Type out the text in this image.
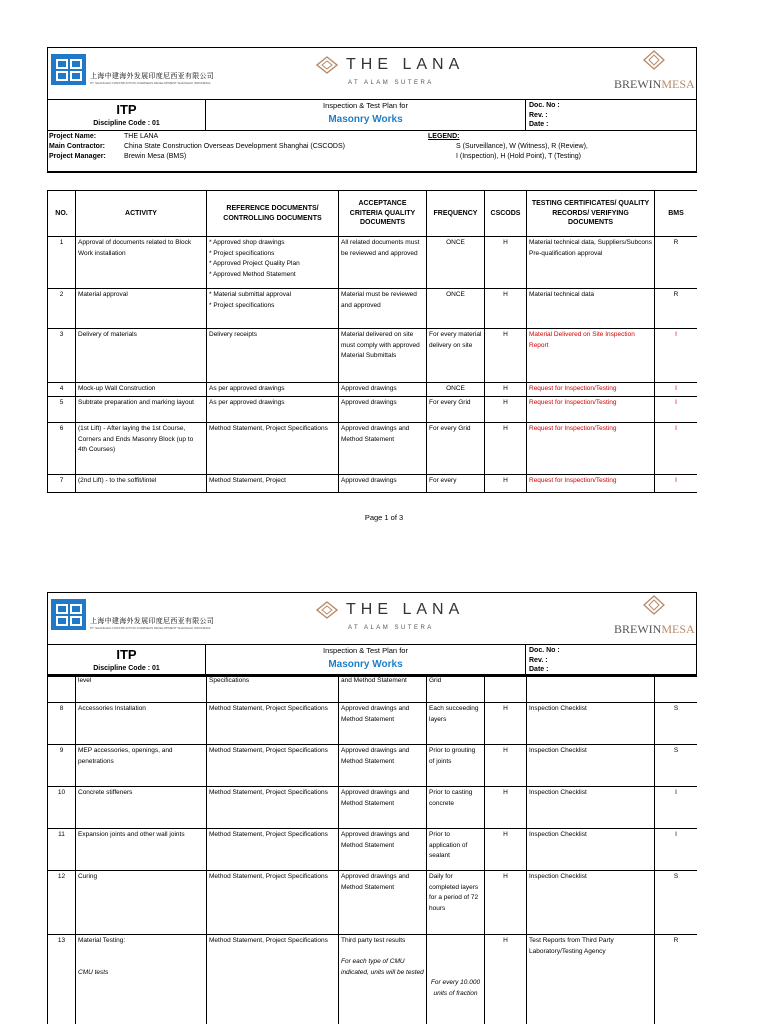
上海中建海外发展印度尼西亚有限公司
PT. SHANGHAI CONSTRUCTION OVERSEAS DEVELOPMENT SHANGHAI INDONESIA
THE LANA
AT ALAM SUTERA	BREWINMESA
ITP
Discipline Code : 01
Inspection & Test Plan for
Masonry Works
Doc. No :
Rev. :
Date :
Project Name:	THE LANA
Main Contractor:	China State Construction Overseas Development Shanghai (CSCODS)
Project Manager:	Brewin Mesa (BMS)
LEGEND:
S (Surveillance), W (Witness), R (Review),
I (Inspection), H (Hold Point), T (Testing)
NO.	ACTIVITY	REFERENCE DOCUMENTS/ CONTROLLING DOCUMENTS	ACCEPTANCE CRITERIA QUALITY DOCUMENTS	FREQUENCY	CSCODS	TESTING CERTIFICATES/ QUALITY RECORDS/ VERIFYING DOCUMENTS	BMS
1	Approval of documents related to Block Work installation	* Approved shop drawings
* Project specifications
* Approved Project Quality Plan
* Approved Method Statement	All related documents must be reviewed and approved	ONCE	H	Material technical data, Suppliers/Subcons Pre-qualification approval	R
2	Material approval	* Material submittal approval
* Project specifications	Material must be reviewed and approved	ONCE	H	Material technical data	R
3	Delivery of materials	Delivery receipts	Material delivered on site must comply with approved Material Submittals	For every material delivery on site	H	Material Delivered on Site Inspection Report	I
4	Mock-up Wall Construction	As per approved drawings	Approved drawings	ONCE	H	Request for Inspection/Testing	I
5	Subtrate preparation and marking layout	As per approved drawings	Approved drawings	For every Grid	H	Request for Inspection/Testing	I
6	(1st Lift) - After laying the 1st Course, Corners and Ends Masonry Block (up to 4th Courses)	Method Statement, Project Specifications	Approved drawings and Method Statement	For every Grid	H	Request for Inspection/Testing	I
7	(2nd Lift) - to the soffit/lintel	Method Statement, Project	Approved drawings	For every	H	Request for Inspection/Testing	I
Page 1 of 3
上海中建海外发展印度尼西亚有限公司
PT. SHANGHAI CONSTRUCTION OVERSEAS DEVELOPMENT SHANGHAI INDONESIA
THE LANA
AT ALAM SUTERA	BREWINMESA
ITP
Discipline Code : 01
Inspection & Test Plan for
Masonry Works
Doc. No :
Rev. :
Date :
	level	Specifications	and Method Statement	Grid			
8	Accessories Installation	Method Statement, Project Specifications	Approved drawings and Method Statement	Each succeeding layers	H	Inspection Checklist	S
9	MEP accessories, openings, and penetrations	Method Statement, Project Specifications	Approved drawings and Method Statement	Prior to grouting of joints	H	Inspection Checklist	S
10	Concrete stiffeners	Method Statement, Project Specifications	Approved drawings and Method Statement	Prior to casting concrete	H	Inspection Checklist	I
11	Expansion joints and other wall joints	Method Statement, Project Specifications	Approved drawings and Method Statement	Prior to application of sealant	H	Inspection Checklist	I
12	Curing	Method Statement, Project Specifications	Approved drawings and Method Statement	Daily for completed layers for a period of 72 hours	H	Inspection Checklist	S
13	Material Testing:

CMU tests	Method Statement, Project Specifications	Third party test results

For each type of CMU indicated, units will be tested	For every 10.000 units of fraction	H	Test Reports from Third Party Laboratory/Testing Agency	R
